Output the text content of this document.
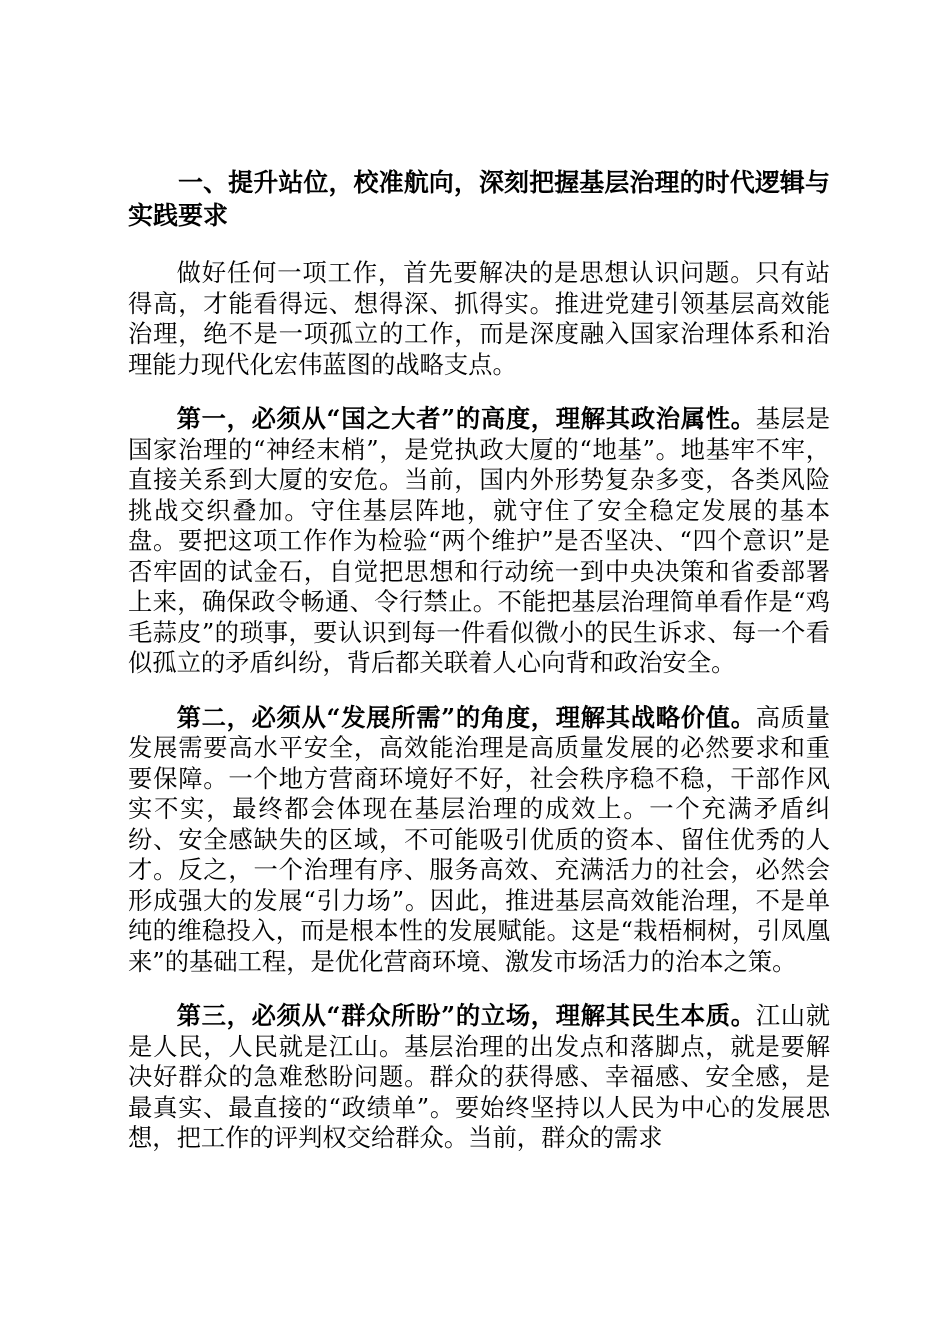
一、提升站位，校准航向，深刻把握基层治理的时代逻辑与实践要求

做好任何一项工作，首先要解决的是思想认识问题。只有站得高，才能看得远、想得深、抓得实。推进党建引领基层高效能治理，绝不是一项孤立的工作，而是深度融入国家治理体系和治理能力现代化宏伟蓝图的战略支点。

第一，必须从“国之大者”的高度，理解其政治属性。基层是国家治理的“神经末梢”，是党执政大厦的“地基”。地基牢不牢，直接关系到大厦的安危。当前，国内外形势复杂多变，各类风险挑战交织叠加。守住基层阵地，就守住了安全稳定发展的基本盘。要把这项工作作为检验“两个维护”是否坚决、“四个意识”是否牢固的试金石，自觉把思想和行动统一到中央决策和省委部署上来，确保政令畅通、令行禁止。不能把基层治理简单看作是“鸡毛蒜皮”的琐事，要认识到每一件看似微小的民生诉求、每一个看似孤立的矛盾纠纷，背后都关联着人心向背和政治安全。

第二，必须从“发展所需”的角度，理解其战略价值。高质量发展需要高水平安全，高效能治理是高质量发展的必然要求和重要保障。一个地方营商环境好不好，社会秩序稳不稳，干部作风实不实，最终都会体现在基层治理的成效上。一个充满矛盾纠纷、安全感缺失的区域，不可能吸引优质的资本、留住优秀的人才。反之，一个治理有序、服务高效、充满活力的社会，必然会形成强大的发展“引力场”。因此，推进基层高效能治理，不是单纯的维稳投入，而是根本性的发展赋能。这是“栽梧桐树，引凤凰来”的基础工程，是优化营商环境、激发市场活力的治本之策。

第三，必须从“群众所盼”的立场，理解其民生本质。江山就是人民，人民就是江山。基层治理的出发点和落脚点，就是要解决好群众的急难愁盼问题。群众的获得感、幸福感、安全感，是最真实、最直接的“政绩单”。要始终坚持以人民为中心的发展思想，把工作的评判权交给群众。当前，群众的需求
